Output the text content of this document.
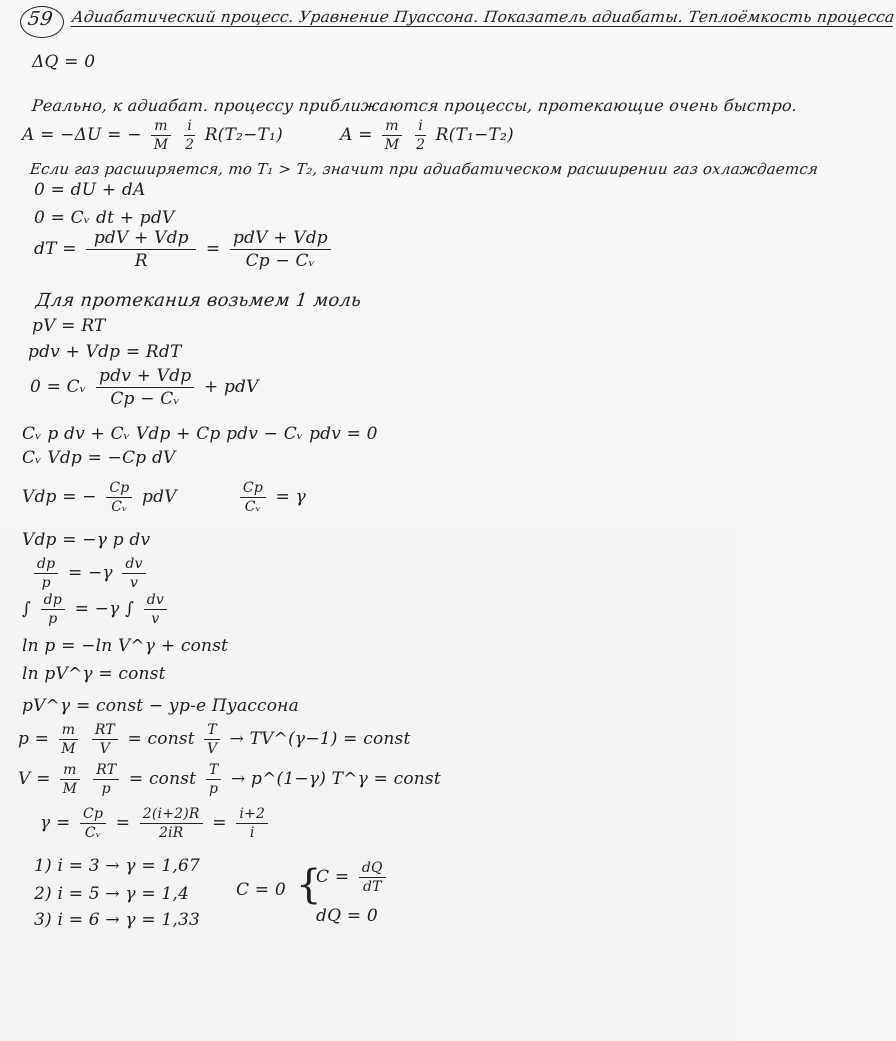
59 Адиабатический процесс. Уравнение Пуассона. Показатель адиабаты. Теплоёмкость процесса
ΔQ = 0
Реально, к адиабат. процессу приближаются процессы, протекающие очень быстро.
A = −ΔU = − $\frac{m}{M}$
$\frac{i}{2} R(T_2-T_1)$	$A = \frac{m}{M}$
$\frac{i}{2} R(T_1-T_2)$
Если газ расширяется, то T₁ > T₂, значит при адиабатическом расширении газ охлаждается
0 = dU + dA
0 = Cᵥ dt + pdV
dT = $\frac{\text{pdV + Vdp}}{R} = \frac{\text{pdV + Vdp}}{\text{Cp − Cᵥ}}$
Для протекания возьмем 1 моль
pV = RT
pdv + Vdp = RdT
0 = Cᵥ $\frac{\text{pdv + Vdp}}{\text{Cp − Cᵥ}}$ + pdV
Cᵥ p dv + Cᵥ Vdp + Cp pdv − Cᵥ pdv = 0
Cᵥ Vdp = −Cp dV
Vdp = − $\frac{Cp}{\text{Cᵥ}}$ pdV	$\frac{Cp}{\text{Cᵥ}} = \gamma$
Vdp = −γ p dv
$\frac{dp}{p} = -\gamma \frac{dv}{v}$
∫ $\frac{dp}{p} = -\gamma$ ∫ $\frac{dv}{v}$
ln p = −ln V^γ + const
ln pV^γ = const
pV^γ = const − ур-е Пуассона
$p = \frac{m}{M}$
$\frac{RT}{V}$ = const $\frac{T}{V}$ → TV^(γ−1) = const
$V = \frac{m}{M}$
$\frac{RT}{p}$ = const $\frac{T}{p}$ → p^(1−γ) T^γ = const
$\gamma = \frac{Cp}{\text{Cᵥ}} = \frac{2(i+2)R}{2iR} = \frac{i+2}{i}$
1) i = 3 → γ = 1,67
2) i = 5 → γ = 1,4
3) i = 6 → γ = 1,33
C = 0 {
$C = \frac{dQ}{dT}$
dQ = 0
